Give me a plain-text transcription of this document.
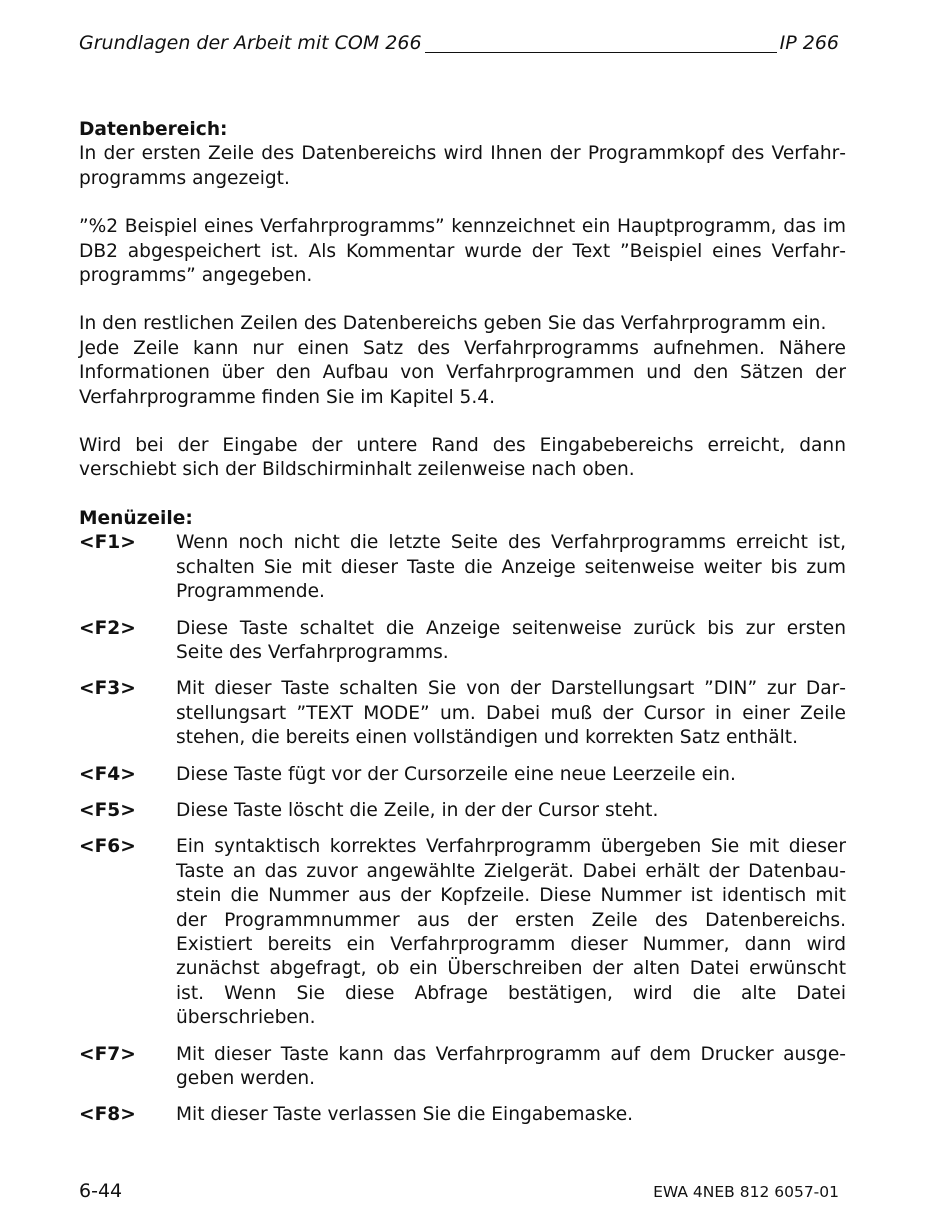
Grundlagen der Arbeit mit COM 266	IP 266

Datenbereich:

In der ersten Zeile des Datenbereichs wird Ihnen der Programmkopf des Verfahrprogramms angezeigt.

”%2 Beispiel eines Verfahrprogramms” kennzeichnet ein Hauptprogramm, das im DB2 abgespeichert ist. Als Kommentar wurde der Text ”Beispiel eines Verfahrprogramms” angegeben.

In den restlichen Zeilen des Datenbereichs geben Sie das Verfahrprogramm ein.

Jede Zeile kann nur einen Satz des Verfahrprogramms aufnehmen. Nähere Informationen über den Aufbau von Verfahrprogrammen und den Sätzen der Verfahrprogramme finden Sie im Kapitel 5.4.

Wird bei der Eingabe der untere Rand des Eingabebereichs erreicht, dann verschiebt sich der Bildschirminhalt zeilenweise nach oben.

Menüzeile:

<F1>	Wenn noch nicht die letzte Seite des Verfahrprogramms erreicht ist, schalten Sie mit dieser Taste die Anzeige seitenweise weiter bis zum Programmende.
<F2>	Diese Taste schaltet die Anzeige seitenweise zurück bis zur ersten Seite des Verfahrprogramms.
<F3>	Mit dieser Taste schalten Sie von der Darstellungsart ”DIN” zur Darstellungsart ”TEXT MODE” um. Dabei muß der Cursor in einer Zeile stehen, die bereits einen vollständigen und korrekten Satz enthält.
<F4>	Diese Taste fügt vor der Cursorzeile eine neue Leerzeile ein.
<F5>	Diese Taste löscht die Zeile, in der der Cursor steht.
<F6>	Ein syntaktisch korrektes Verfahrprogramm übergeben Sie mit dieser Taste an das zuvor angewählte Zielgerät. Dabei erhält der Datenbaustein die Nummer aus der Kopfzeile. Diese Nummer ist identisch mit der Programmnummer aus der ersten Zeile des Datenbereichs. Existiert bereits ein Verfahrprogramm dieser Nummer, dann wird zunächst abgefragt, ob ein Überschreiben der alten Datei erwünscht ist. Wenn Sie diese Abfrage bestätigen, wird die alte Datei überschrieben.
<F7>	Mit dieser Taste kann das Verfahrprogramm auf dem Drucker ausgegeben werden.
<F8>	Mit dieser Taste verlassen Sie die Eingabemaske.
6-44	EWA 4NEB 812 6057-01
